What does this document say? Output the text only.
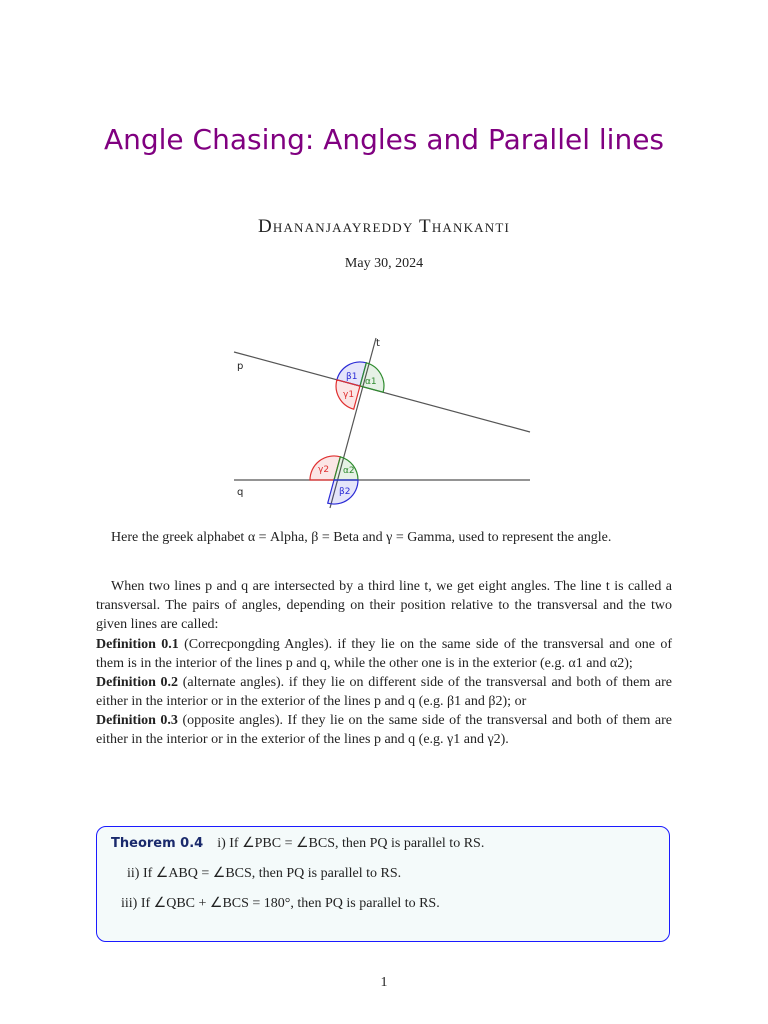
Angle Chasing: Angles and Parallel lines
Dhananjaayreddy Thankanti
May 30, 2024
p
q
t
β1 α1
γ1
γ2 α2
β2

Here the greek alphabet α = Alpha, β = Beta and γ = Gamma, used to represent the angle.

When two lines p and q are intersected by a third line t, we get eight angles. The line t is called a transversal. The pairs of angles, depending on their position relative to the transversal and the two given lines are called:

Definition 0.1 (Correcpongding Angles). if they lie on the same side of the transversal and one of them is in the interior of the lines p and q, while the other one is in the exterior (e.g. α1 and α2);

Definition 0.2 (alternate angles). if they lie on different side of the transversal and both of them are either in the interior or in the exterior of the lines p and q (e.g. β1 and β2); or

Definition 0.3 (opposite angles). If they lie on the same side of the transversal and both of them are either in the interior or in the exterior of the lines p and q (e.g. γ1 and γ2).

Theorem 0.4 i) If ∠PBC = ∠BCS, then PQ is parallel to RS.
ii) If ∠ABQ = ∠BCS, then PQ is parallel to RS.
iii) If ∠QBC + ∠BCS = 180°, then PQ is parallel to RS.
1
